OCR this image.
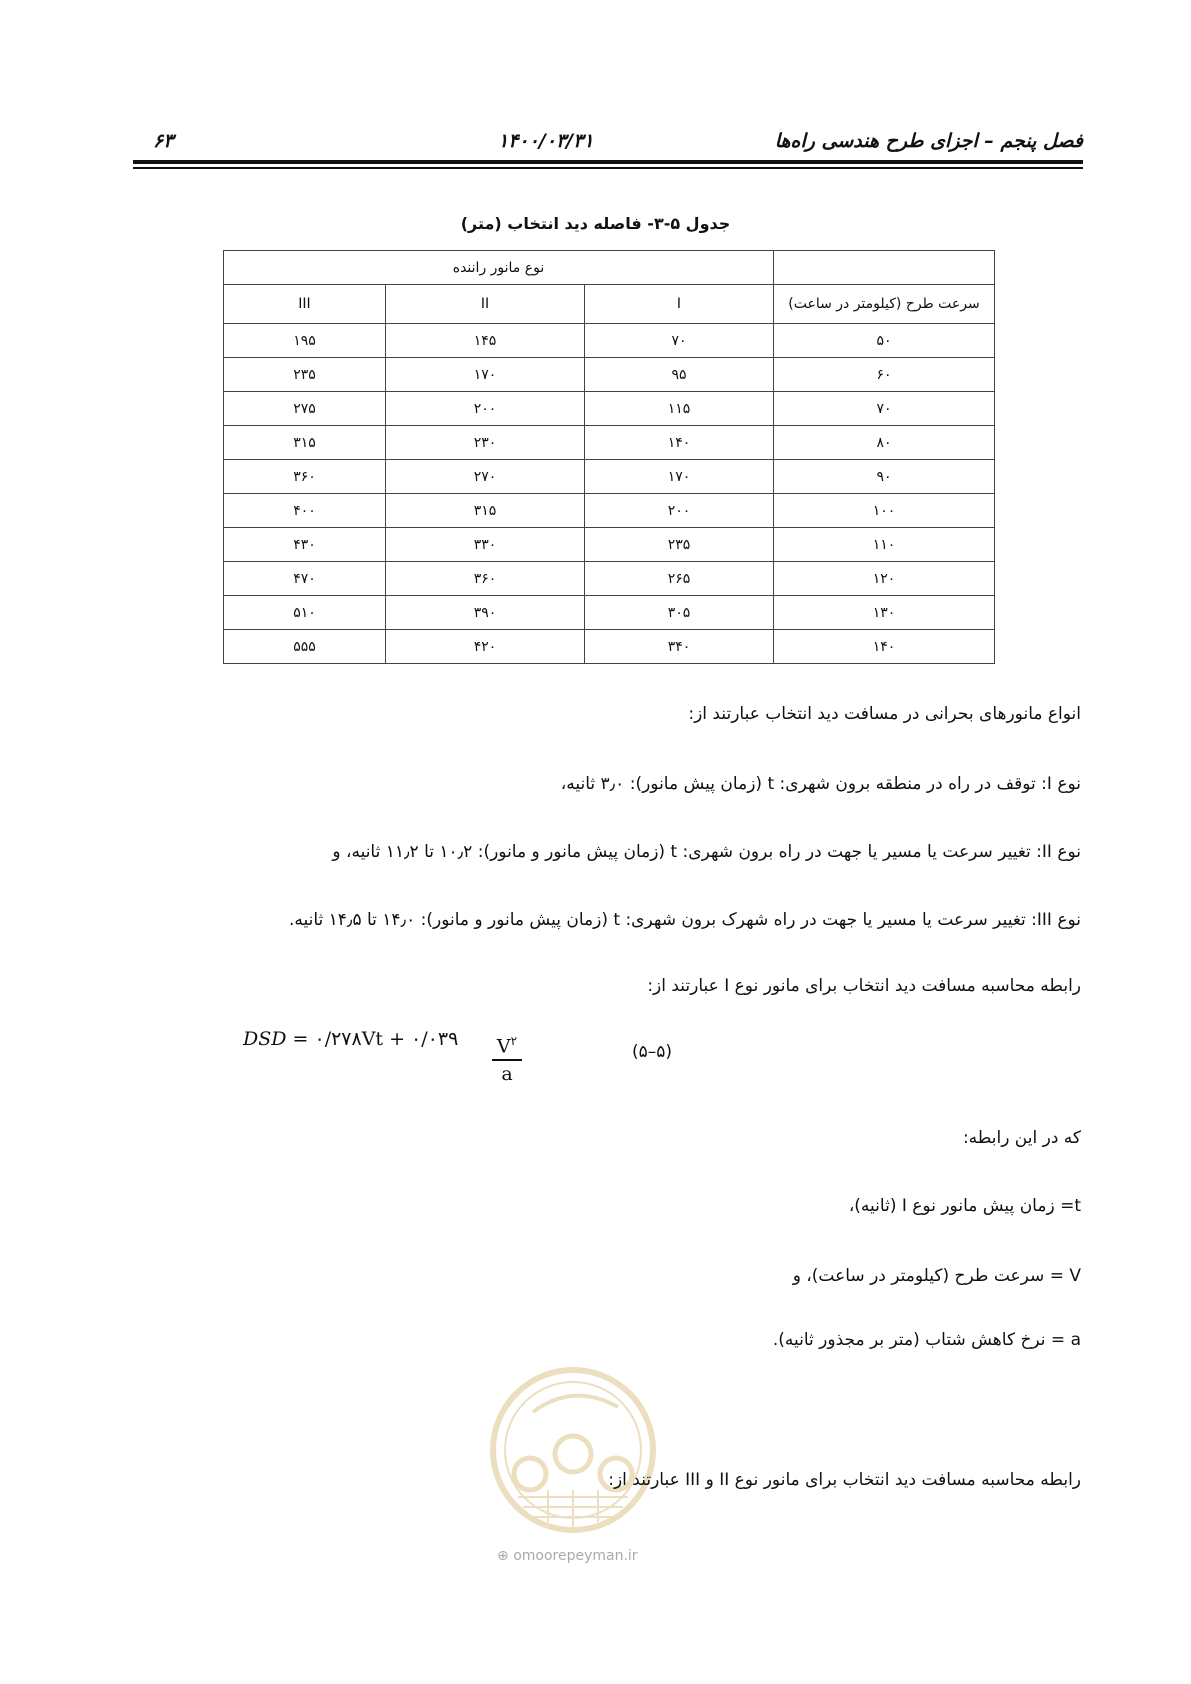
۶۳	۱۴۰۰/۰۳/۳۱	فصل پنجم – اجزای طرح هندسی راه‌ها
جدول ۵-۳- فاصله دید انتخاب (متر)
	نوع مانور راننده		
سرعت طرح (کیلومتر در ساعت)	I	II	III
۵۰	۷۰	۱۴۵	۱۹۵
۶۰	۹۵	۱۷۰	۲۳۵
۷۰	۱۱۵	۲۰۰	۲۷۵
۸۰	۱۴۰	۲۳۰	۳۱۵
۹۰	۱۷۰	۲۷۰	۳۶۰
۱۰۰	۲۰۰	۳۱۵	۴۰۰
۱۱۰	۲۳۵	۳۳۰	۴۳۰
۱۲۰	۲۶۵	۳۶۰	۴۷۰
۱۳۰	۳۰۵	۳۹۰	۵۱۰
۱۴۰	۳۴۰	۴۲۰	۵۵۵
انواع مانورهای بحرانی در مسافت دید انتخاب عبارتند از:
نوع I: توقف در راه در منطقه برون شهری: t (زمان پیش مانور): ۳٫۰ ثانیه،
نوع II: تغییر سرعت یا مسیر یا جهت در راه برون شهری: t (زمان پیش مانور و مانور): ۱۰٫۲ تا ۱۱٫۲ ثانیه، و
نوع III: تغییر سرعت یا مسیر یا جهت در راه شهرک برون شهری: t (زمان پیش مانور و مانور): ۱۴٫۰ تا ۱۴٫۵ ثانیه.
رابطه محاسبه مسافت دید انتخاب برای مانور نوع I عبارتند از:
DSD = ۰/۲۷۸Vt + ۰/۰۳۹ $V^۲$
a
(۵–۵)
که در این رابطه:
t= زمان پیش مانور نوع I (ثانیه)،
V = سرعت طرح (کیلومتر در ساعت)، و
a = نرخ کاهش شتاب (متر بر مجذور ثانیه).
رابطه محاسبه مسافت دید انتخاب برای مانور نوع II و III عبارتند از:
⊕ omoorepeyman.ir
